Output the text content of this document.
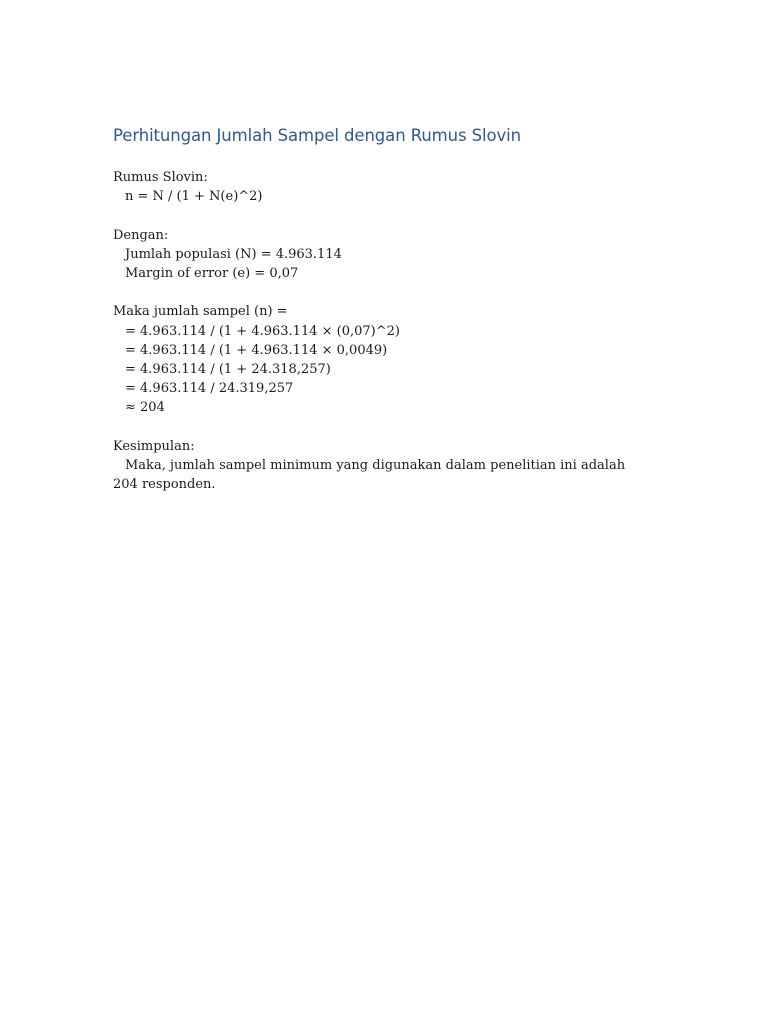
Perhitungan Jumlah Sampel dengan Rumus Slovin
Rumus Slovin:
n = N / (1 + N(e)^2)
Dengan:
Jumlah populasi (N) = 4.963.114
Margin of error (e) = 0,07
Maka jumlah sampel (n) =
= 4.963.114 / (1 + 4.963.114 × (0,07)^2)
= 4.963.114 / (1 + 4.963.114 × 0,0049)
= 4.963.114 / (1 + 24.318,257)
= 4.963.114 / 24.319,257
≈ 204
Kesimpulan:

Maka, jumlah sampel minimum yang digunakan dalam penelitian ini adalah 204 responden.
